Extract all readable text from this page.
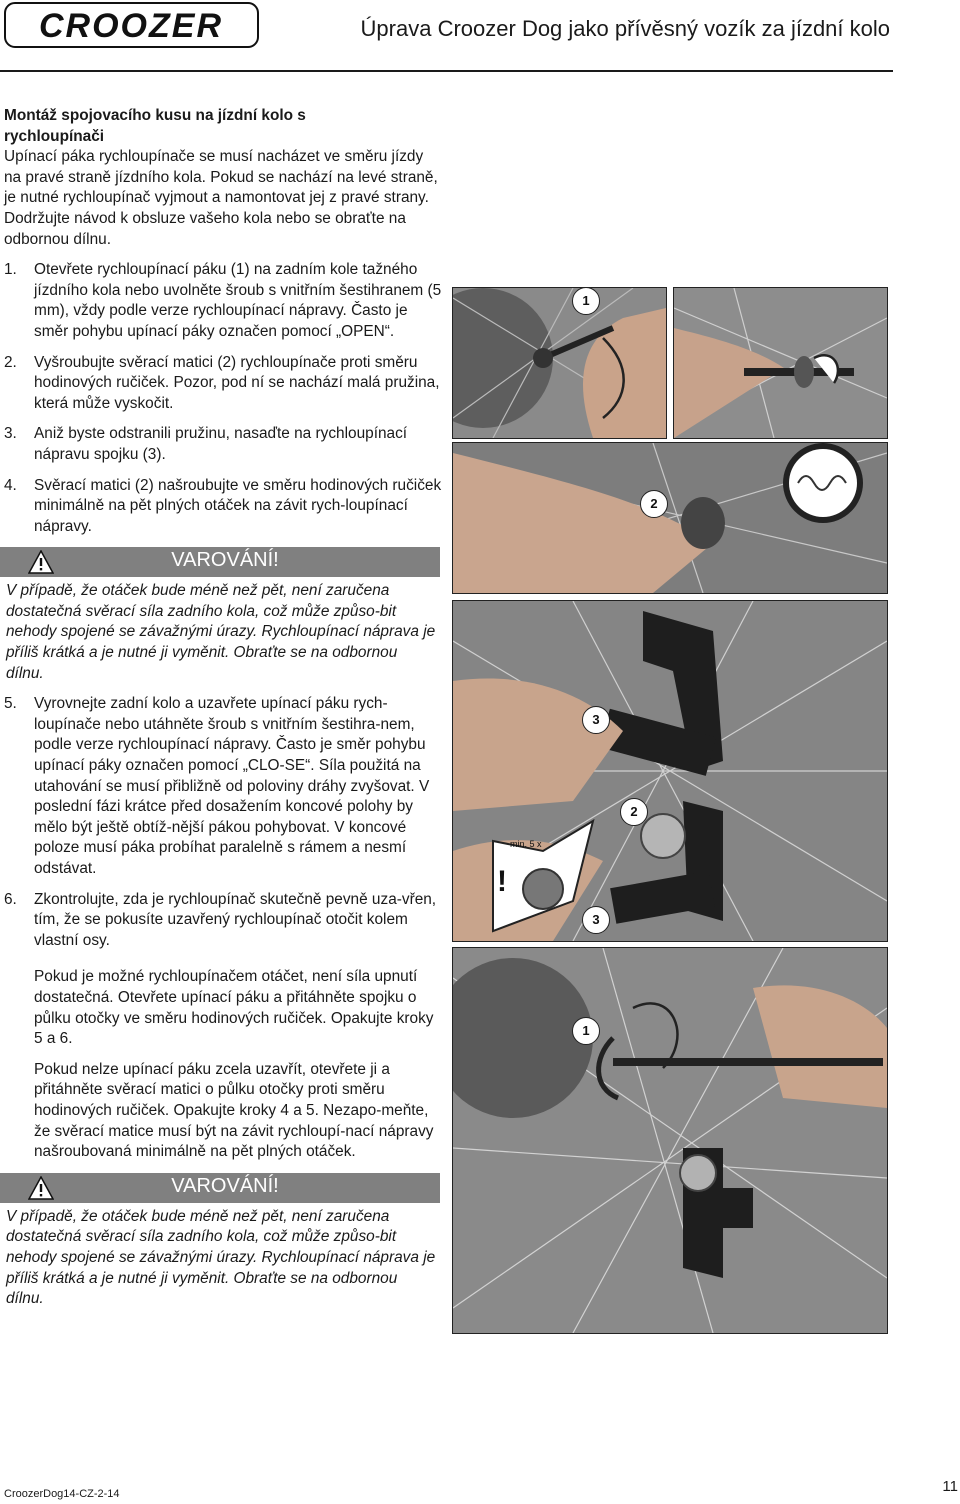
CROOZER	Úprava Croozer Dog jako přívěsný vozík za jízdní kolo

Montáž spojovacího kusu na jízdní kolo s

rychloupínači

Upínací páka rychloupínače se musí nacházet ve směru jízdy na pravé straně jízdního kola. Pokud se nachází na levé straně, je nutné rychloupínač vyjmout a namontovat jej z pravé strany. Dodržujte návod k obsluze vašeho kola nebo se obraťte na odbornou dílnu.

1.	Otevřete rychloupínací páku (1) na zadním kole tažného jízdního kola nebo uvolněte šroub s vnitřním šestihranem (5 mm), vždy podle verze rychloupínací nápravy. Často je směr pohybu upínací páky označen pomocí „OPEN“.
2.	Vyšroubujte svěrací matici (2) rychloupínače proti směru hodinových ručiček. Pozor, pod ní se nachází malá pružina, která může vyskočit.
3.	Aniž byste odstranili pružinu, nasaďte na rychloupínací nápravu spojku (3).
4.	Svěrací matici (2) našroubujte ve směru hodinových ručiček minimálně na pět plných otáček na závit rych-loupínací nápravy.
VAROVÁNÍ!
V případě, že otáček bude méně než pět, není zaručena dostatečná svěrací síla zadního kola, což může způso-bit nehody spojené se závažnými úrazy. Rychloupínací náprava je příliš krátká a je nutné ji vyměnit. Obraťte se na odbornou dílnu.
5.	Vyrovnejte zadní kolo a uzavřete upínací páku rych-loupínače nebo utáhněte šroub s vnitřním šestihra-nem, podle verze rychloupínací nápravy. Často je směr pohybu upínací páky označen pomocí „CLO-SE“. Síla použitá na utahování se musí přibližně od poloviny dráhy zvyšovat. V poslední fázi krátce před dosažením koncové polohy by mělo být ještě obtíž-nější pákou pohybovat. V koncové poloze musí páka probíhat paralelně s rámem a nesmí odstávat.
6.	Zkontrolujte, zda je rychloupínač skutečně pevně uza-vřen, tím, že se pokusíte uzavřený rychloupínač otočit kolem vlastní osy.

Pokud je možné rychloupínačem otáčet, není síla upnutí dostatečná. Otevřete upínací páku a přitáhněte spojku o půlku otočky ve směru hodinových ručiček. Opakujte kroky 5 a 6.

Pokud nelze upínací páku zcela uzavřít, otevřete ji a přitáhněte svěrací matici o půlku otočky proti směru hodinových ručiček. Opakujte kroky 4 a 5. Nezapo-meňte, že svěrací matice musí být na závit rychloupí-nací nápravy našroubovaná minimálně na pět plných otáček.

VAROVÁNÍ!
V případě, že otáček bude méně než pět, není zaručena dostatečná svěrací síla zadního kola, což může způso-bit nehody spojené se závažnými úrazy. Rychloupínací náprava je příliš krátká a je nutné ji vyměnit. Obraťte se na odbornou dílnu.
1
2
!
min. 5 x
3
2
3
1
CroozerDog14-CZ-2-14	11
